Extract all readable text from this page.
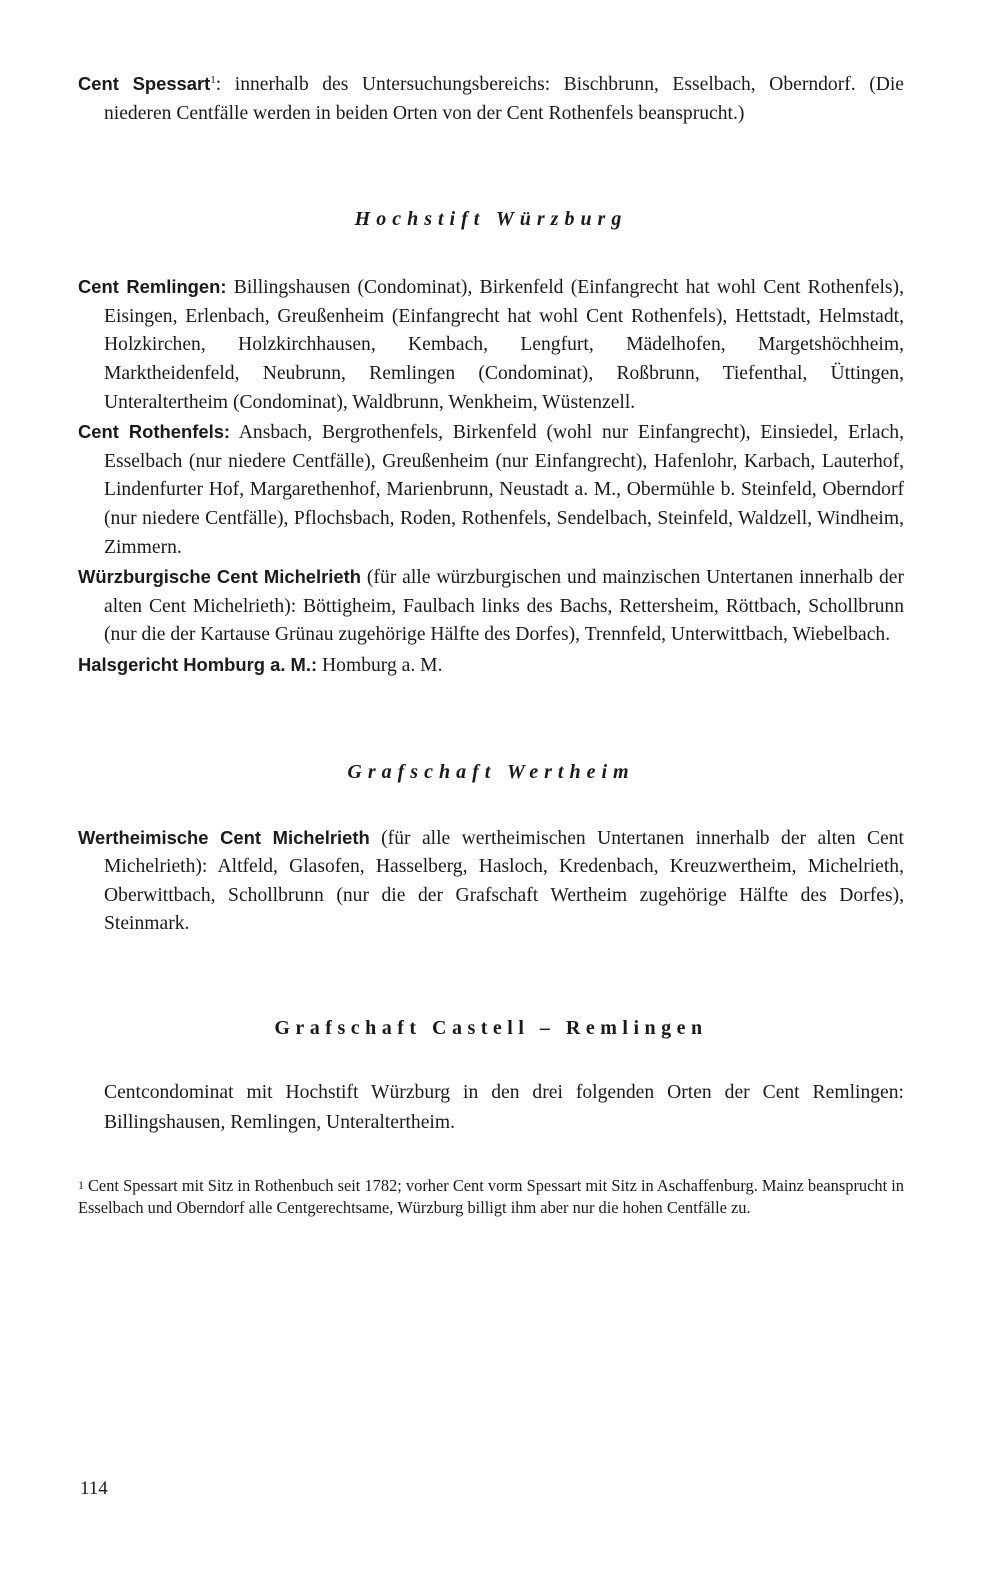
Cent Spessart$^1$: innerhalb des Untersuchungsbereichs: Bischbrunn, Esselbach, Oberndorf. (Die niederen Centfälle werden in beiden Orten von der Cent Rothenfels beansprucht.)

Hochstift Würzburg

Cent Remlingen: Billingshausen (Condominat), Birkenfeld (Einfangrecht hat wohl Cent Rothenfels), Eisingen, Erlenbach, Greußenheim (Einfangrecht hat wohl Cent Rothenfels), Hettstadt, Helmstadt, Holzkirchen, Holzkirchhausen, Kembach, Lengfurt, Mädelhofen, Margetshöchheim, Marktheidenfeld, Neubrunn, Remlingen (Condominat), Roßbrunn, Tiefenthal, Üttingen, Unteraltertheim (Condominat), Waldbrunn, Wenkheim, Wüstenzell.

Cent Rothenfels: Ansbach, Bergrothenfels, Birkenfeld (wohl nur Einfangrecht), Einsiedel, Erlach, Esselbach (nur niedere Centfälle), Greußenheim (nur Einfangrecht), Hafenlohr, Karbach, Lauterhof, Lindenfurter Hof, Margarethenhof, Marienbrunn, Neustadt a. M., Obermühle b. Steinfeld, Oberndorf (nur niedere Centfälle), Pflochsbach, Roden, Rothenfels, Sendelbach, Steinfeld, Waldzell, Windheim, Zimmern.

Würzburgische Cent Michelrieth (für alle würzburgischen und mainzischen Untertanen innerhalb der alten Cent Michelrieth): Böttigheim, Faulbach links des Bachs, Rettersheim, Röttbach, Schollbrunn (nur die der Kartause Grünau zugehörige Hälfte des Dorfes), Trennfeld, Unterwittbach, Wiebelbach.

Halsgericht Homburg a. M.: Homburg a. M.

Grafschaft Wertheim

Wertheimische Cent Michelrieth (für alle wertheimischen Untertanen innerhalb der alten Cent Michelrieth): Altfeld, Glasofen, Hasselberg, Hasloch, Kredenbach, Kreuzwertheim, Michelrieth, Oberwittbach, Schollbrunn (nur die der Grafschaft Wertheim zugehörige Hälfte des Dorfes), Steinmark.

Grafschaft Castell – Remlingen

Centcondominat mit Hochstift Würzburg in den drei folgenden Orten der Cent Remlingen: Billingshausen, Remlingen, Unteraltertheim.

1 Cent Spessart mit Sitz in Rothenbuch seit 1782; vorher Cent vorm Spessart mit Sitz in Aschaffenburg. Mainz beansprucht in Esselbach und Oberndorf alle Centgerechtsame, Würzburg billigt ihm aber nur die hohen Centfälle zu.

114
